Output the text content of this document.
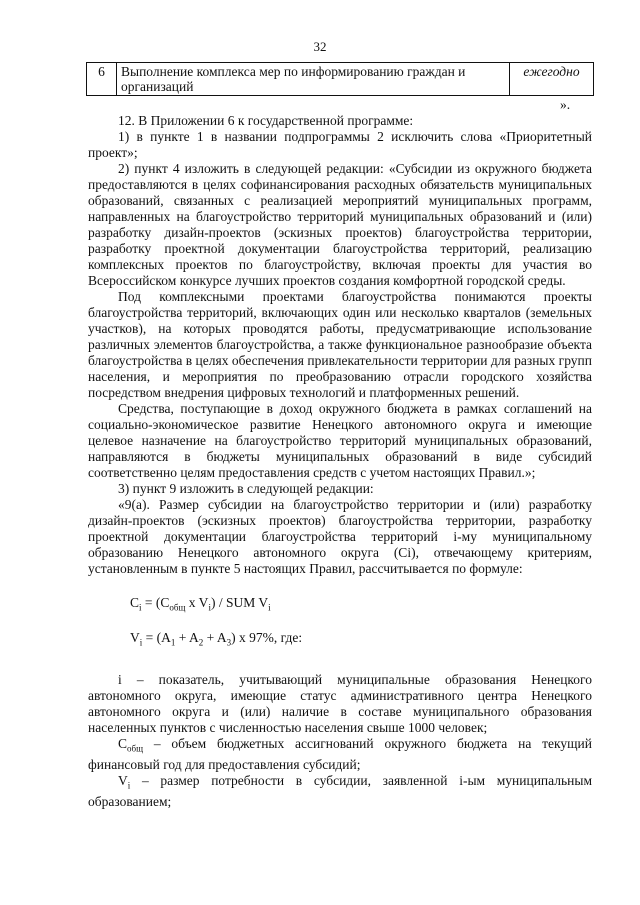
32
6	Выполнение комплекса мер по информированию граждан и организаций	ежегодно
».

12. В Приложении 6 к государственной программе:

1) в пункте 1 в названии подпрограммы 2 исключить слова «Приоритетный проект»;

2) пункт 4 изложить в следующей редакции: «Субсидии из окружного бюджета предоставляются в целях софинансирования расходных обязательств муниципальных образований, связанных с реализацией мероприятий муниципальных программ, направленных на благоустройство территорий муниципальных образований и (или) разработку дизайн-проектов (эскизных проектов) благоустройства территории, разработку проектной документации благоустройства территорий, реализацию комплексных проектов по благоустройству, включая проекты для участия во Всероссийском конкурсе лучших проектов создания комфортной городской среды.

Под комплексными проектами благоустройства понимаются проекты благоустройства территорий, включающих один или несколько кварталов (земельных участков), на которых проводятся работы, предусматривающие использование различных элементов благоустройства, а также функциональное разнообразие объекта благоустройства в целях обеспечения привлекательности территории для разных групп населения, и мероприятия по преобразованию отрасли городского хозяйства посредством внедрения цифровых технологий и платформенных решений.

Средства, поступающие в доход окружного бюджета в рамках соглашений на социально-экономическое развитие Ненецкого автономного округа и имеющие целевое назначение на благоустройство территорий муниципальных образований, направляются в бюджеты муниципальных образований в виде субсидий соответственно целям предоставления средств с учетом настоящих Правил.»;

3) пункт 9 изложить в следующей редакции:

«9(а). Размер субсидии на благоустройство территории и (или) разработку дизайн-проектов (эскизных проектов) благоустройства территории, разработку проектной документации благоустройства территорий i-му муниципальному образованию Ненецкого автономного округа (Ci), отвечающему критериям, установленным в пункте 5 настоящих Правил, рассчитывается по формуле:

$C_i = (C_{общ}$ x $V_i$) / SUM $V_i$
$V_i = (A_1 + A_2 + A_3)$ x 97%, где:

i – показатель, учитывающий муниципальные образования Ненецкого автономного округа, имеющие статус административного центра Ненецкого автономного округа и (или) наличие в составе муниципального образования населенных пунктов с численностью населения свыше 1000 человек;

$C_{общ}$ – объем бюджетных ассигнований окружного бюджета на текущий финансовый год для предоставления субсидий;

$V_i$ – размер потребности в субсидии, заявленной i-ым муниципальным образованием;
